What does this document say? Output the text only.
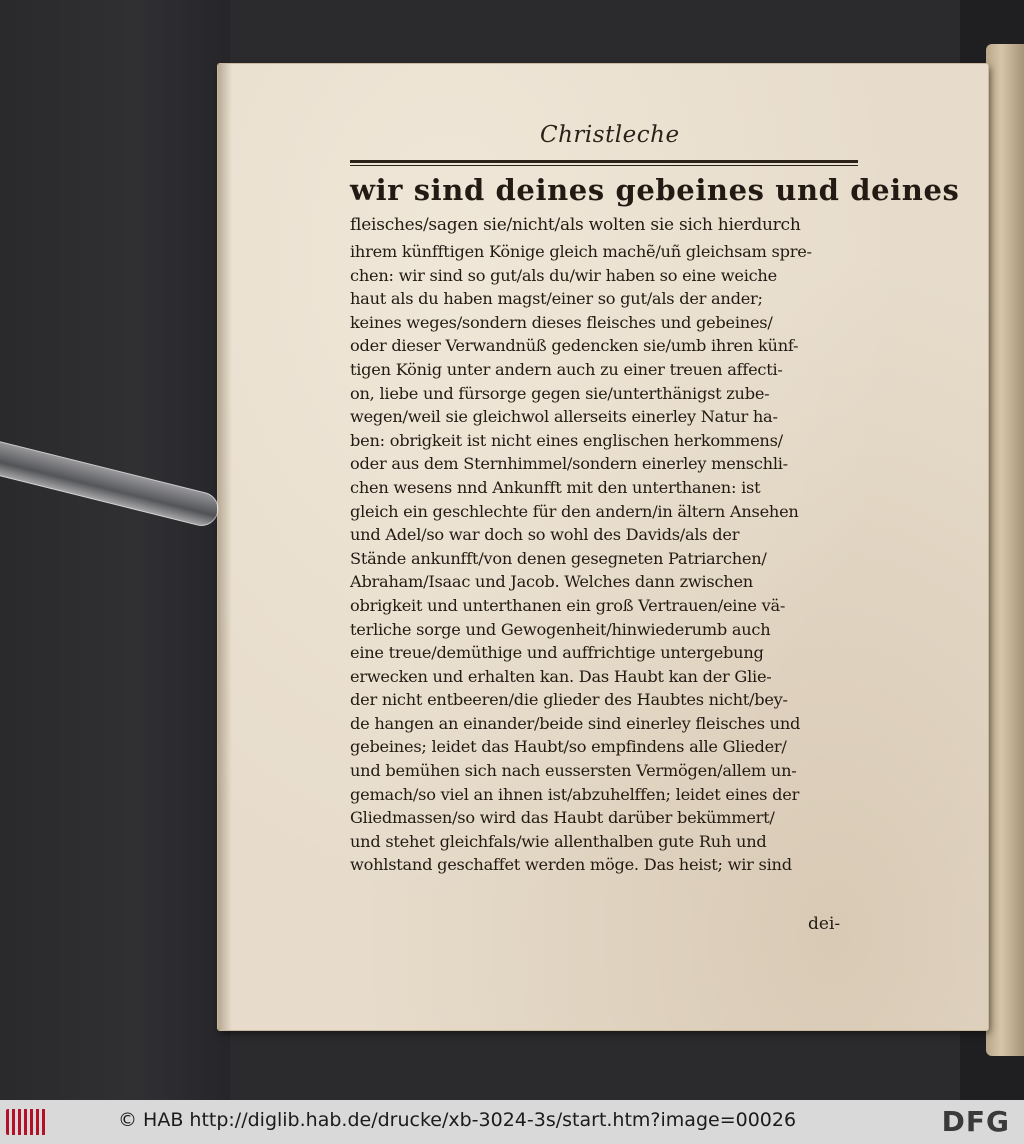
Christleche
wir sind deines gebeines und deines
fleisches/sagen sie/nicht/als wolten sie sich hierdurch
ihrem künfftigen Könige gleich machẽ/uñ gleichsam spre-
chen: wir sind so gut/als du/wir haben so eine weiche
haut als du haben magst/einer so gut/als der ander;
keines weges/sondern dieses fleisches und gebeines/
oder dieser Verwandnüß gedencken sie/umb ihren künf-
tigen König unter andern auch zu einer treuen affecti-
on, liebe und fürsorge gegen sie/unterthänigst zube-
wegen/weil sie gleichwol allerseits einerley Natur ha-
ben: obrigkeit ist nicht eines englischen herkommens/
oder aus dem Sternhimmel/sondern einerley menschli-
chen wesens nnd Ankunfft mit den unterthanen: ist
gleich ein geschlechte für den andern/in ältern Ansehen
und Adel/so war doch so wohl des Davids/als der
Stände ankunfft/von denen gesegneten Patriarchen/
Abraham/Isaac und Jacob. Welches dann zwischen
obrigkeit und unterthanen ein groß Vertrauen/eine vä-
terliche sorge und Gewogenheit/hinwiederumb auch
eine treue/demüthige und auffrichtige untergebung
erwecken und erhalten kan. Das Haubt kan der Glie-
der nicht entbeeren/die glieder des Haubtes nicht/bey-
de hangen an einander/beide sind einerley fleisches und
gebeines; leidet das Haubt/so empfindens alle Glieder/
und bemühen sich nach eussersten Vermögen/allem un-
gemach/so viel an ihnen ist/abzuhelffen; leidet eines der
Gliedmassen/so wird das Haubt darüber bekümmert/
und stehet gleichfals/wie allenthalben gute Ruh und
wohlstand geschaffet werden möge. Das heist; wir sind
dei-
© HAB http://diglib.hab.de/drucke/xb-3024-3s/start.htm?image=00026	DFG
